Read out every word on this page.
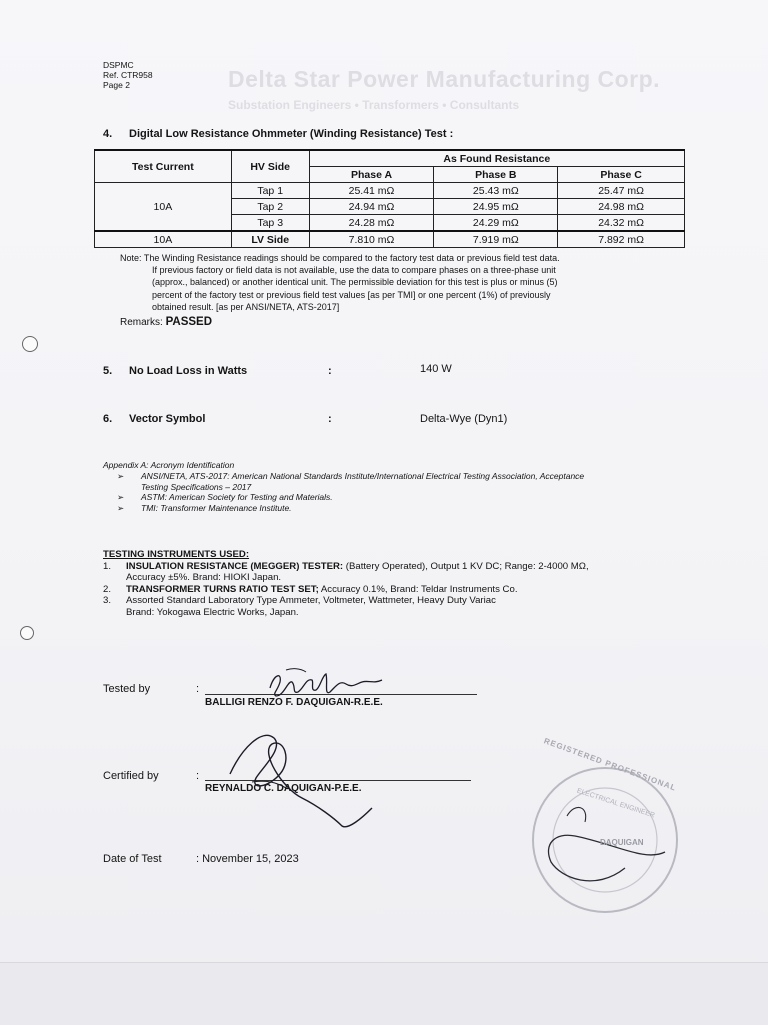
Delta Star Power Manufacturing Corp.
Substation Engineers • Transformers • Consultants
DSPMC
Ref. CTR958
Page 2
4. Digital Low Resistance Ohmmeter (Winding Resistance) Test :
Test Current	HV Side	As Found Resistance		
		Phase A	Phase B	Phase C
10A	Tap 1	25.41 mΩ	25.43 mΩ	25.47 mΩ
	Tap 2	24.94 mΩ	24.95 mΩ	24.98 mΩ
	Tap 3	24.28 mΩ	24.29 mΩ	24.32 mΩ
10A	LV Side	7.810 mΩ	7.919 mΩ	7.892 mΩ
Note: The Winding Resistance readings should be compared to the factory test data or previous field test data.
If previous factory or field data is not available, use the data to compare phases on a three-phase unit
(approx., balanced) or another identical unit. The permissible deviation for this test is plus or minus (5)
percent of the factory test or previous field test values [as per TMI] or one percent (1%) of previously
obtained result. [as per ANSI/NETA, ATS-2017]
Remarks: PASSED
5. No Load Loss in Watts	:	140 W
6. Vector Symbol	:	Delta-Wye (Dyn1)
Appendix A: Acronym Identification
➢	ANSI/NETA, ATS-2017: American National Standards Institute/International Electrical Testing Association, Acceptance
Testing Specifications – 2017
➢	ASTM: American Society for Testing and Materials.
➢	TMI: Transformer Maintenance Institute.
TESTING INSTRUMENTS USED:
1. INSULATION RESISTANCE (MEGGER) TESTER: (Battery Operated), Output 1 KV DC; Range: 2-4000 MΩ,
Accuracy ±5%. Brand: HIOKI Japan.
2. TRANSFORMER TURNS RATIO TEST SET; Accuracy 0.1%, Brand: Teldar Instruments Co.
3. Assorted Standard Laboratory Type Ammeter, Voltmeter, Wattmeter, Heavy Duty Variac
Brand: Yokogawa Electric Works, Japan.
Tested by	:
BALLIGI RENZO F. DAQUIGAN-R.E.E.
Certified by	:
REYNALDO C. DAQUIGAN-P.E.E.
Date of Test	: November 15, 2023
REGISTERED PROFESSIONAL
ELECTRICAL ENGINEER
DAQUIGAN
